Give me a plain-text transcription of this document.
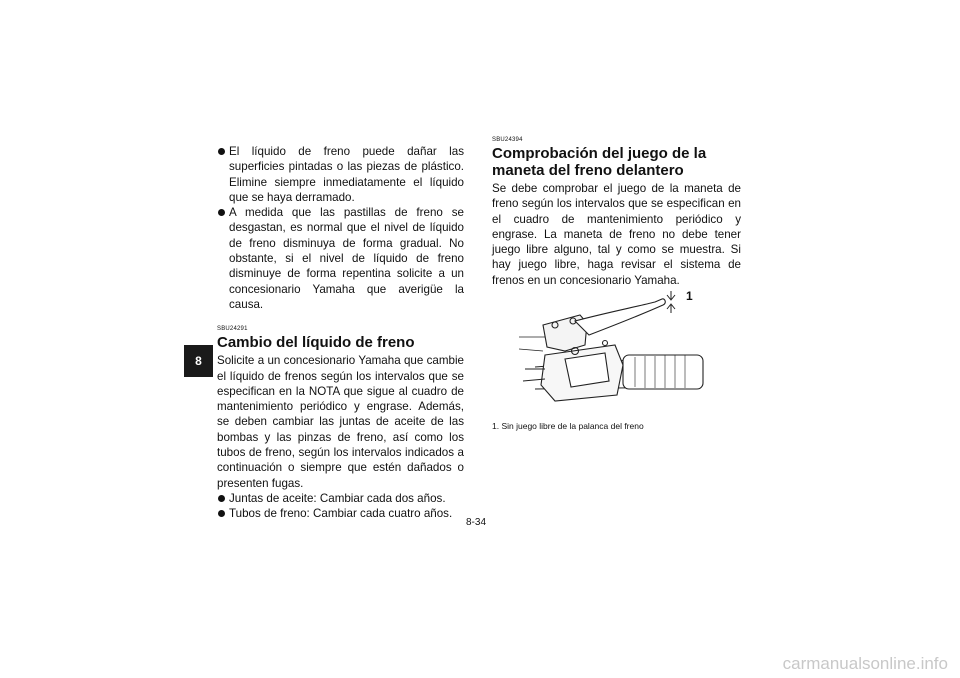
8
El líquido de freno puede dañar las superficies pintadas o las piezas de plástico. Elimine siempre inmediatamente el líquido que se haya derramado.
A medida que las pastillas de freno se desgastan, es normal que el nivel de líquido de freno disminuya de forma gradual. No obstante, si el nivel de líquido de freno disminuye de forma repentina solicite a un concesionario Yamaha que averigüe la causa.
SBU24291
Cambio del líquido de freno

Solicite a un concesionario Yamaha que cambie el líquido de frenos según los intervalos que se especifican en la NOTA que sigue al cuadro de mantenimiento periódico y engrase. Además, se deben cambiar las juntas de aceite de las bombas y las pinzas de freno, así como los tubos de freno, según los intervalos indicados a continuación o siempre que estén dañados o presenten fugas.

Juntas de aceite: Cambiar cada dos años.
Tubos de freno: Cambiar cada cuatro años.
SBU24394
Comprobación del juego de la maneta del freno delantero

Se debe comprobar el juego de la maneta de freno según los intervalos que se especifican en el cuadro de mantenimiento periódico y engrase. La maneta de freno no debe tener juego libre alguno, tal y como se muestra. Si hay juego libre, haga revisar el sistema de frenos en un concesionario Yamaha.

1
1. Sin juego libre de la palanca del freno
8-34
carmanualsonline.info
